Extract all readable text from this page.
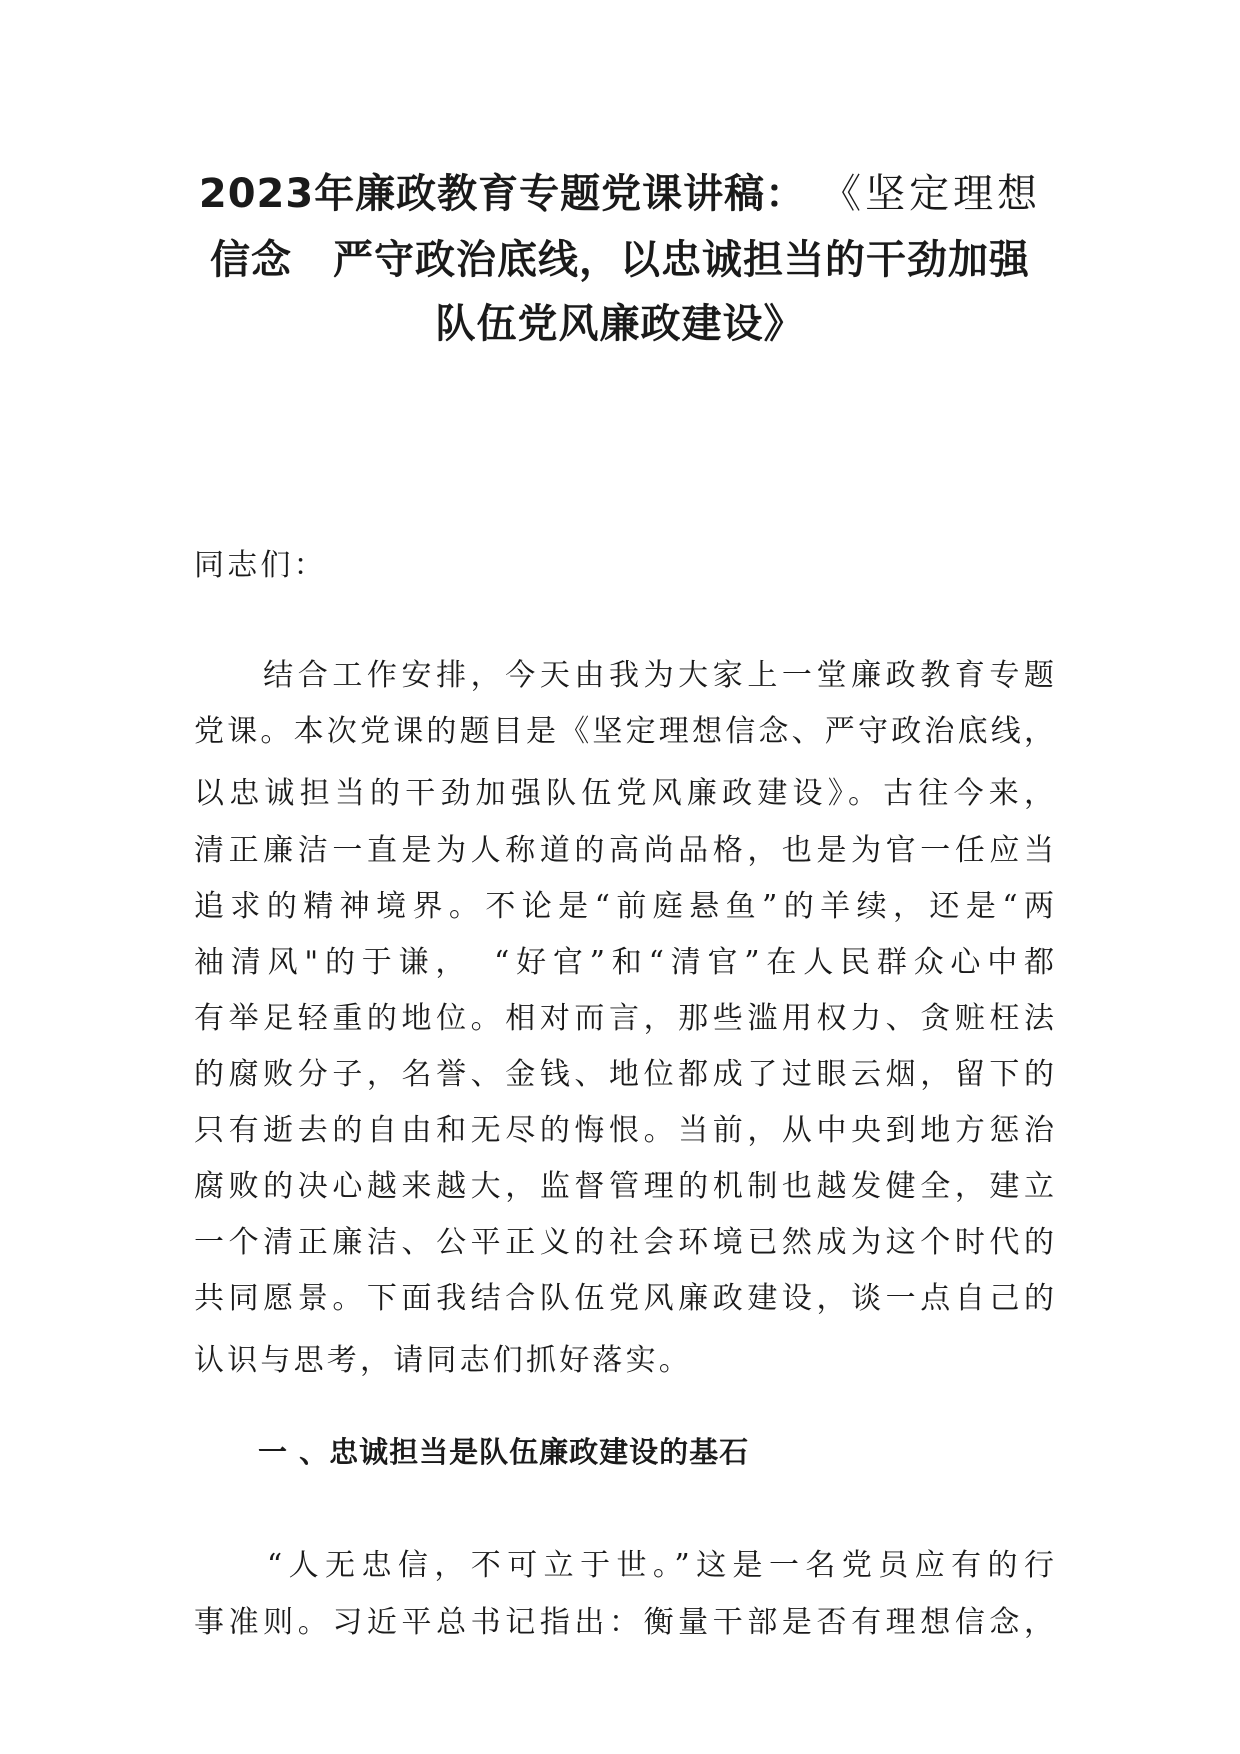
2023年廉政教育专题党课讲稿： 《坚定理想
信念　严守政治底线，以忠诚担当的干劲加强
队伍党风廉政建设》

同志们：

　　结合工作安排，今天由我为大家上一堂廉政教育专题

党课。本次党课的题目是《坚定理想信念、严守政治底线，

以忠诚担当的干劲加强队伍党风廉政建设》。古往今来，

清正廉洁一直是为人称道的高尚品格，也是为官一任应当

追求的精神境界。不论是“前庭悬鱼”的羊续，还是“两

袖清风"的于谦，　“好官”和“清官”在人民群众心中都

有举足轻重的地位。相对而言，那些滥用权力、贪赃枉法

的腐败分子，名誉、金钱、地位都成了过眼云烟，留下的

只有逝去的自由和无尽的悔恨。当前，从中央到地方惩治

腐败的决心越来越大，监督管理的机制也越发健全，建立

一个清正廉洁、公平正义的社会环境已然成为这个时代的

共同愿景。下面我结合队伍党风廉政建设，谈一点自己的

认识与思考，请同志们抓好落实。

一 、忠诚担当是队伍廉政建设的基石

　　“人无忠信，不可立于世。”这是一名党员应有的行

事准则。习近平总书记指出：衡量干部是否有理想信念，
